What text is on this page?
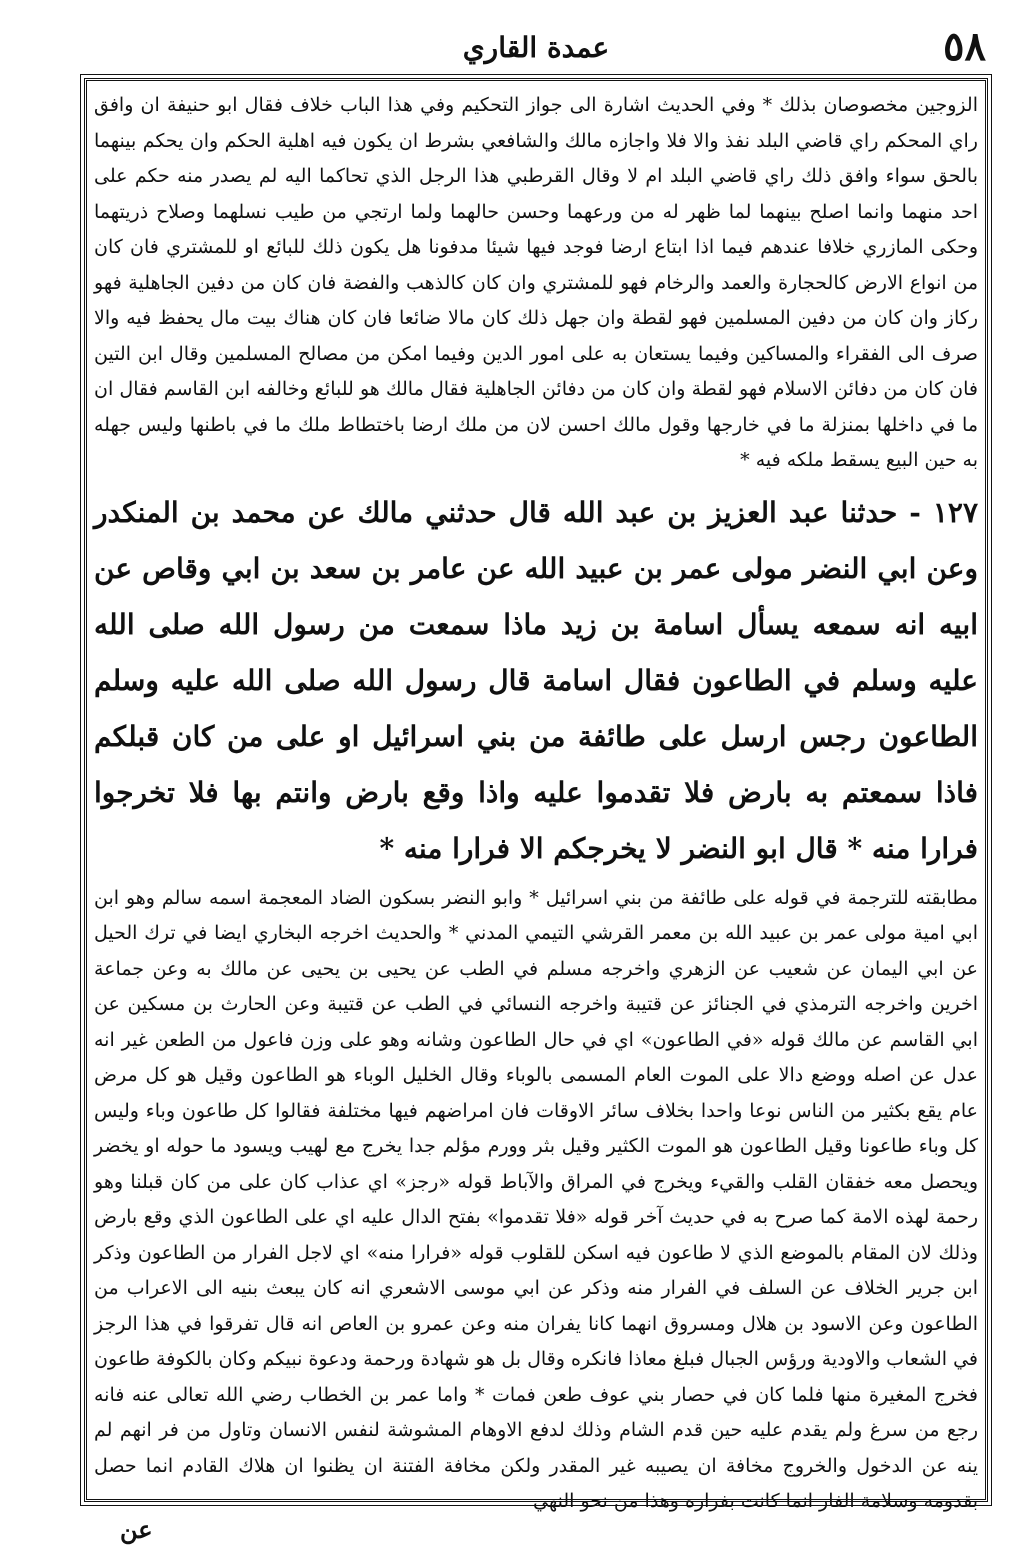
٥٨
عمدة القاري

الزوجين مخصوصان بذلك * وفي الحديث اشارة الى جواز التحكيم وفي هذا الباب خلاف فقال ابو حنيفة ان وافق راي المحكم راي قاضي البلد نفذ والا فلا واجازه مالك والشافعي بشرط ان يكون فيه اهلية الحكم وان يحكم بينهما بالحق سواء وافق ذلك راي قاضي البلد ام لا وقال القرطبي هذا الرجل الذي تحاكما اليه لم يصدر منه حكم على احد منهما وانما اصلح بينهما لما ظهر له من ورعهما وحسن حالهما ولما ارتجي من طيب نسلهما وصلاح ذريتهما وحكى المازري خلافا عندهم فيما اذا ابتاع ارضا فوجد فيها شيئا مدفونا هل يكون ذلك للبائع او للمشتري فان كان من انواع الارض كالحجارة والعمد والرخام فهو للمشتري وان كان كالذهب والفضة فان كان من دفين الجاهلية فهو ركاز وان كان من دفين المسلمين فهو لقطة وان جهل ذلك كان مالا ضائعا فان كان هناك بيت مال يحفظ فيه والا صرف الى الفقراء والمساكين وفيما يستعان به على امور الدين وفيما امكن من مصالح المسلمين وقال ابن التين فان كان من دفائن الاسلام فهو لقطة وان كان من دفائن الجاهلية فقال مالك هو للبائع وخالفه ابن القاسم فقال ان ما في داخلها بمنزلة ما في خارجها وقول مالك احسن لان من ملك ارضا باختطاط ملك ما في باطنها وليس جهله به حين البيع يسقط ملكه فيه *

١٢٧ - حدثنا عبد العزيز بن عبد الله قال حدثني مالك عن محمد بن المنكدر وعن ابي النضر مولى عمر بن عبيد الله عن عامر بن سعد بن ابي وقاص عن ابيه انه سمعه يسأل اسامة بن زيد ماذا سمعت من رسول الله صلى الله عليه وسلم في الطاعون فقال اسامة قال رسول الله صلى الله عليه وسلم الطاعون رجس ارسل على طائفة من بني اسرائيل او على من كان قبلكم فاذا سمعتم به بارض فلا تقدموا عليه واذا وقع بارض وانتم بها فلا تخرجوا فرارا منه * قال ابو النضر لا يخرجكم الا فرارا منه *

مطابقته للترجمة في قوله على طائفة من بني اسرائيل * وابو النضر بسكون الضاد المعجمة اسمه سالم وهو ابن ابي امية مولى عمر بن عبيد الله بن معمر القرشي التيمي المدني * والحديث اخرجه البخاري ايضا في ترك الحيل عن ابي اليمان عن شعيب عن الزهري واخرجه مسلم في الطب عن يحيى بن يحيى عن مالك به وعن جماعة اخرين واخرجه الترمذي في الجنائز عن قتيبة واخرجه النسائي في الطب عن قتيبة وعن الحارث بن مسكين عن ابي القاسم عن مالك قوله «في الطاعون» اي في حال الطاعون وشانه وهو على وزن فاعول من الطعن غير انه عدل عن اصله ووضع دالا على الموت العام المسمى بالوباء وقال الخليل الوباء هو الطاعون وقيل هو كل مرض عام يقع بكثير من الناس نوعا واحدا بخلاف سائر الاوقات فان امراضهم فيها مختلفة فقالوا كل طاعون وباء وليس كل وباء طاعونا وقيل الطاعون هو الموت الكثير وقيل بثر وورم مؤلم جدا يخرج مع لهيب ويسود ما حوله او يخضر ويحصل معه خفقان القلب والقيء ويخرج في المراق والآباط قوله «رجز» اي عذاب كان على من كان قبلنا وهو رحمة لهذه الامة كما صرح به في حديث آخر قوله «فلا تقدموا» بفتح الدال عليه اي على الطاعون الذي وقع بارض وذلك لان المقام بالموضع الذي لا طاعون فيه اسكن للقلوب قوله «فرارا منه» اي لاجل الفرار من الطاعون وذكر ابن جرير الخلاف عن السلف في الفرار منه وذكر عن ابي موسى الاشعري انه كان يبعث بنيه الى الاعراب من الطاعون وعن الاسود بن هلال ومسروق انهما كانا يفران منه وعن عمرو بن العاص انه قال تفرقوا في هذا الرجز في الشعاب والاودية ورؤس الجبال فبلغ معاذا فانكره وقال بل هو شهادة ورحمة ودعوة نبيكم وكان بالكوفة طاعون فخرج المغيرة منها فلما كان في حصار بني عوف طعن فمات * واما عمر بن الخطاب رضي الله تعالى عنه فانه رجع من سرغ ولم يقدم عليه حين قدم الشام وذلك لدفع الاوهام المشوشة لنفس الانسان وتاول من فر انهم لم ينه عن الدخول والخروج مخافة ان يصيبه غير المقدر ولكن مخافة الفتنة ان يظنوا ان هلاك القادم انما حصل بقدومه وسلامة الفار انما كانت بفراره وهذا من نحو النهي

عن
